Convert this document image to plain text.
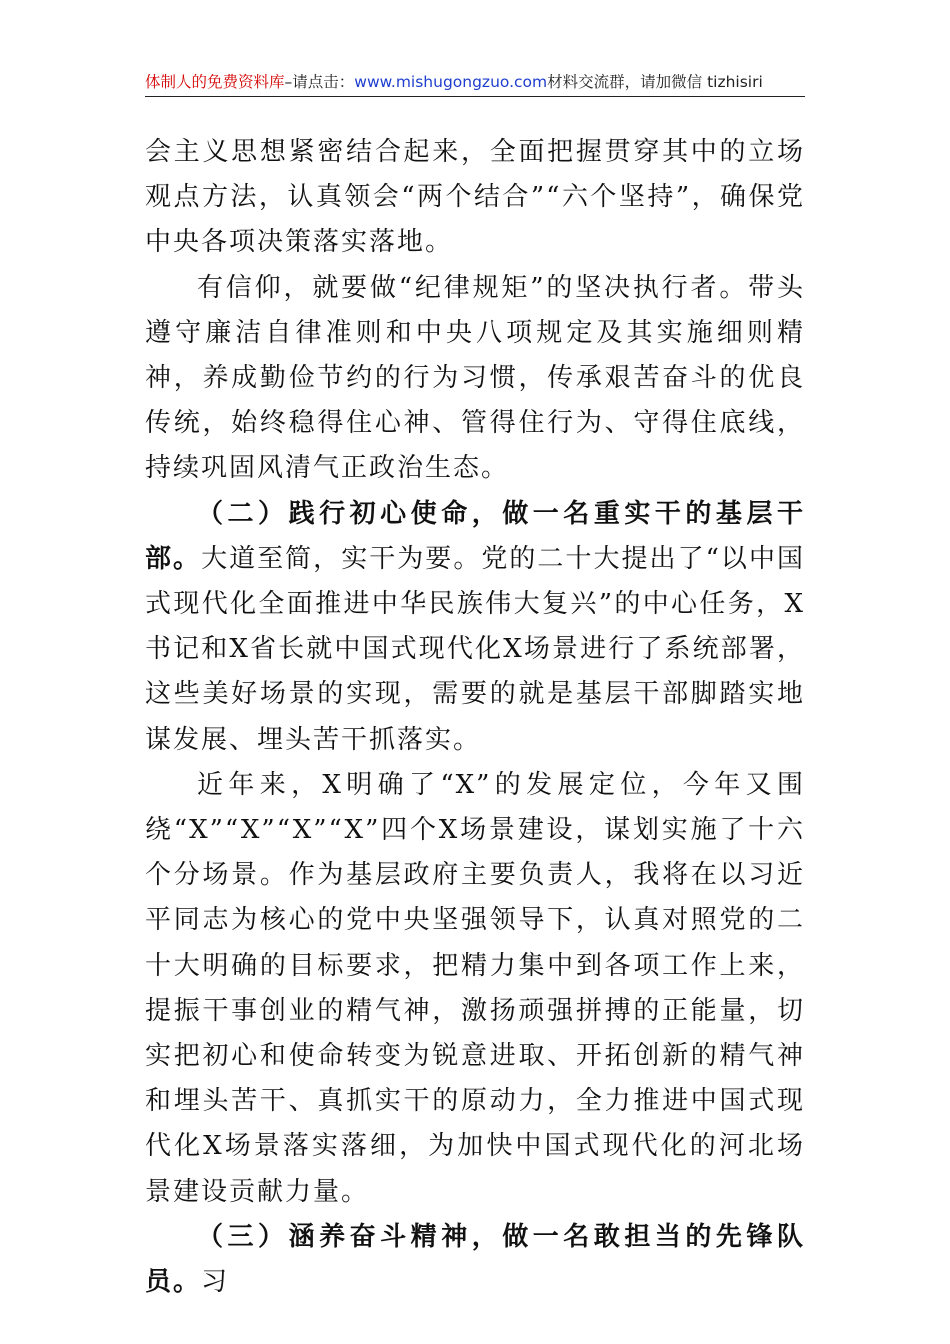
体制人的免费资料库–请点击：www.mishugongzuo.com材料交流群，请加微信 tizhisiri

会主义思想紧密结合起来，全面把握贯穿其中的立场观点方法，认真领会“两个结合”“六个坚持”，确保党中央各项决策落实落地。

有信仰，就要做“纪律规矩”的坚决执行者。带头遵守廉洁自律准则和中央八项规定及其实施细则精神，养成勤俭节约的行为习惯，传承艰苦奋斗的优良传统，始终稳得住心神、管得住行为、守得住底线，持续巩固风清气正政治生态。

（二）践行初心使命，做一名重实干的基层干部。大道至简，实干为要。党的二十大提出了“以中国式现代化全面推进中华民族伟大复兴”的中心任务，X书记和X省长就中国式现代化X场景进行了系统部署，这些美好场景的实现，需要的就是基层干部脚踏实地谋发展、埋头苦干抓落实。

近年来，X明确了“X”的发展定位，今年又围绕“X”“X”“X”“X”四个X场景建设，谋划实施了十六个分场景。作为基层政府主要负责人，我将在以习近平同志为核心的党中央坚强领导下，认真对照党的二十大明确的目标要求，把精力集中到各项工作上来，提振干事创业的精气神，激扬顽强拼搏的正能量，切实把初心和使命转变为锐意进取、开拓创新的精气神和埋头苦干、真抓实干的原动力，全力推进中国式现代化X场景落实落细，为加快中国式现代化的河北场景建设贡献力量。

（三）涵养奋斗精神，做一名敢担当的先锋队员。习
